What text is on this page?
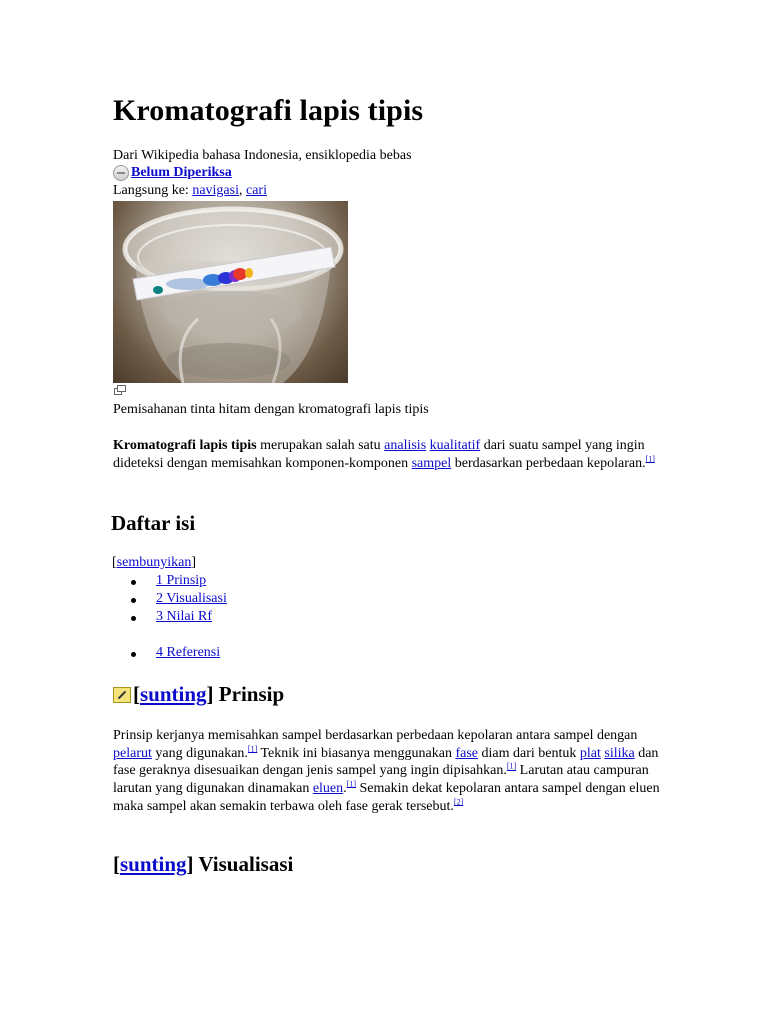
Kromatografi lapis tipis
Dari Wikipedia bahasa Indonesia, ensiklopedia bebas
Belum Diperiksa
Langsung ke: navigasi, cari
Pemisahanan tinta hitam dengan kromatografi lapis tipis
Kromatografi lapis tipis merupakan salah satu analisis kualitatif dari suatu sampel yang ingin dideteksi dengan memisahkan komponen-komponen sampel berdasarkan perbedaan kepolaran.[1]
Daftar isi
[sembunyikan]
1 Prinsip
2 Visualisasi
3 Nilai Rf
4 Referensi
[ sunting ] Prinsip
Prinsip kerjanya memisahkan sampel berdasarkan perbedaan kepolaran antara sampel dengan pelarut yang digunakan.[1] Teknik ini biasanya menggunakan fase diam dari bentuk plat silika dan fase geraknya disesuaikan dengan jenis sampel yang ingin dipisahkan.[1] Larutan atau campuran larutan yang digunakan dinamakan eluen.[1] Semakin dekat kepolaran antara sampel dengan eluen maka sampel akan semakin terbawa oleh fase gerak tersebut.[2]
[ sunting ] Visualisasi
